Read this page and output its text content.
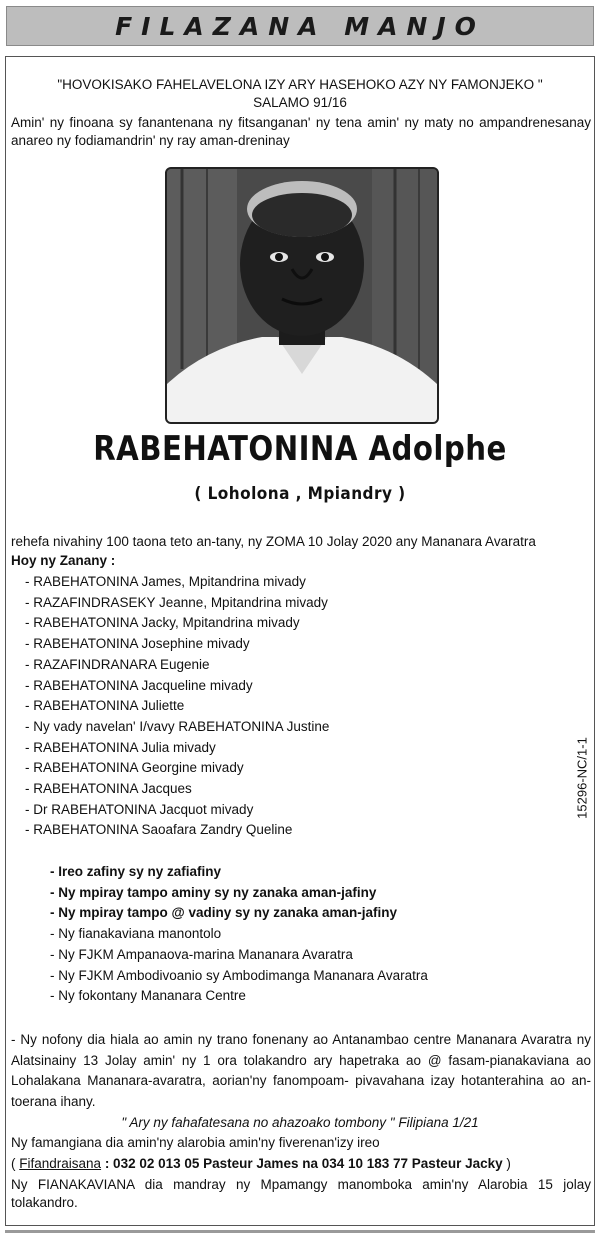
FILAZANA MANJO
"HOVOKISAKO FAHELAVELONA IZY ARY HASEHOKO AZY NY FAMONJEKO "
SALAMO 91/16
Amin' ny finoana sy fanantenana ny fitsanganan' ny tena amin' ny maty no ampandrenesanay anareo ny fodiamandrin' ny ray aman-dreninay
RABEHATONINA Adolphe
( Loholona , Mpiandry )
rehefa nivahiny 100 taona teto an-tany, ny ZOMA 10 Jolay 2020 any Mananara Avaratra
Hoy ny Zanany :
- RABEHATONINA James, Mpitandrina mivady
- RAZAFINDRASEKY Jeanne, Mpitandrina mivady
- RABEHATONINA Jacky, Mpitandrina mivady
- RABEHATONINA Josephine mivady
- RAZAFINDRANARA Eugenie
- RABEHATONINA Jacqueline mivady
- RABEHATONINA Juliette
- Ny vady navelan' I/vavy RABEHATONINA Justine
- RABEHATONINA Julia mivady
- RABEHATONINA Georgine mivady
- RABEHATONINA Jacques
- Dr RABEHATONINA Jacquot mivady
- RABEHATONINA Saoafara Zandry Queline
15296-NC/1-1
- Ireo zafiny sy ny zafiafiny
- Ny mpiray tampo aminy sy ny zanaka aman-jafiny
- Ny mpiray tampo @ vadiny sy ny zanaka aman-jafiny
- Ny fianakaviana manontolo
- Ny FJKM Ampanaova-marina Mananara Avaratra
- Ny FJKM Ambodivoanio sy Ambodimanga Mananara Avaratra
- Ny fokontany Mananara Centre
- Ny nofony dia hiala ao amin ny trano fonenany ao Antanambao centre Mananara Avaratra ny Alatsinainy 13 Jolay amin' ny 1 ora tolakandro ary hapetraka ao @ fasam-pianakaviana ao Lohalakana Mananara-avaratra, aorian'ny fanompoam- pivavahana izay hotanterahina ao an-toerana ihany.
" Ary ny fahafatesana no ahazoako tombony " Filipiana 1/21
Ny famangiana dia amin'ny alarobia amin'ny fiverenan'izy ireo
( Fifandraisana : 032 02 013 05 Pasteur James na 034 10 183 77 Pasteur Jacky )
Ny FIANAKAVIANA dia mandray ny Mpamangy manomboka amin'ny Alarobia 15 jolay tolakandro.
